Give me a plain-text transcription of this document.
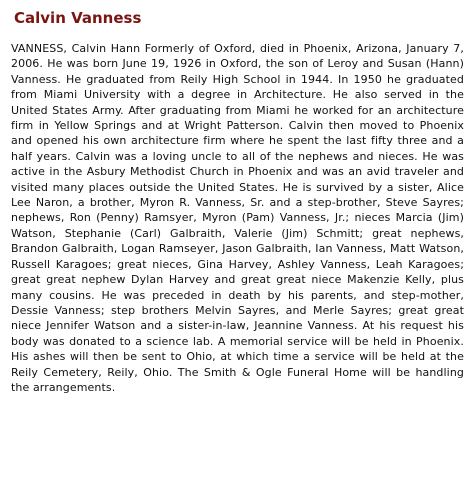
Calvin Vanness

VANNESS, Calvin Hann Formerly of Oxford, died in Phoenix, Arizona, January 7, 2006. He was born June 19, 1926 in Oxford, the son of Leroy and Susan (Hann) Vanness. He graduated from Reily High School in 1944. In 1950 he graduated from Miami University with a degree in Architecture. He also served in the United States Army. After graduating from Miami he worked for an architecture firm in Yellow Springs and at Wright Patterson. Calvin then moved to Phoenix and opened his own architecture firm where he spent the last fifty three and a half years. Calvin was a loving uncle to all of the nephews and nieces. He was active in the Asbury Methodist Church in Phoenix and was an avid traveler and visited many places outside the United States. He is survived by a sister, Alice Lee Naron, a brother, Myron R. Vanness, Sr. and a step-brother, Steve Sayres; nephews, Ron (Penny) Ramsyer, Myron (Pam) Vanness, Jr.; nieces Marcia (Jim) Watson, Stephanie (Carl) Galbraith, Valerie (Jim) Schmitt; great nephews, Brandon Galbraith, Logan Ramseyer, Jason Galbraith, Ian Vanness, Matt Watson, Russell Karagoes; great nieces, Gina Harvey, Ashley Vanness, Leah Karagoes; great great nephew Dylan Harvey and great great niece Makenzie Kelly, plus many cousins. He was preceded in death by his parents, and step-mother, Dessie Vanness; step brothers Melvin Sayres, and Merle Sayres; great great niece Jennifer Watson and a sister-in-law, Jeannine Vanness. At his request his body was donated to a science lab. A memorial service will be held in Phoenix. His ashes will then be sent to Ohio, at which time a service will be held at the Reily Cemetery, Reily, Ohio. The Smith & Ogle Funeral Home will be handling the arrangements.
